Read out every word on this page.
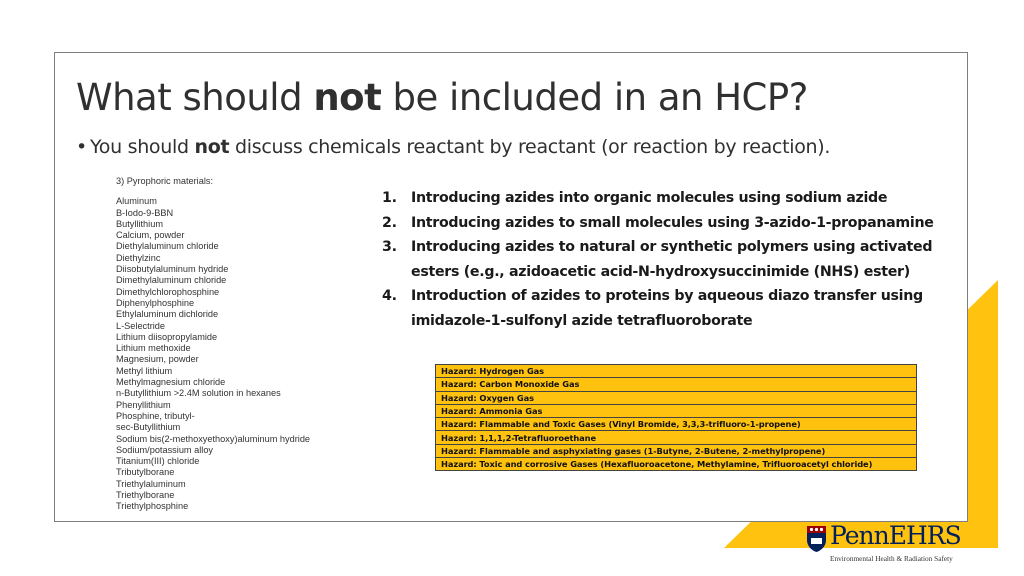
What should not be included in an HCP?
• You should not discuss chemicals reactant by reactant (or reaction by reaction).
3) Pyrophoric materials:
Aluminum
B-Iodo-9-BBN
Butyllithium
Calcium, powder
Diethylaluminum chloride
Diethylzinc
Diisobutylaluminum hydride
Dimethylaluminum chloride
Dimethylchlorophosphine
Diphenylphosphine
Ethylaluminum dichloride
L-Selectride
Lithium diisopropylamide
Lithium methoxide
Magnesium, powder
Methyl lithium
Methylmagnesium chloride
n-Butyllithium >2.4M solution in hexanes
Phenyllithium
Phosphine, tributyl-
sec-Butyllithium
Sodium bis(2-methoxyethoxy)aluminum hydride
Sodium/potassium alloy
Titanium(III) chloride
Tributylborane
Triethylaluminum
Triethylborane
Triethylphosphine
1. Introducing azides into organic molecules using sodium azide
2. Introducing azides to small molecules using 3-azido-1-propanamine
3. Introducing azides to natural or synthetic polymers using activated esters (e.g., azidoacetic acid-N-hydroxysuccinimide (NHS) ester)
4. Introduction of azides to proteins by aqueous diazo transfer using imidazole-1-sulfonyl azide tetrafluoroborate
Hazard: Hydrogen Gas
Hazard: Carbon Monoxide Gas
Hazard: Oxygen Gas
Hazard: Ammonia Gas
Hazard: Flammable and Toxic Gases (Vinyl Bromide, 3,3,3-trifluoro-1-propene)
Hazard: 1,1,1,2-Tetrafluoroethane
Hazard: Flammable and asphyxiating gases (1-Butyne, 2-Butene, 2-methylpropene)
Hazard: Toxic and corrosive Gases (Hexafluoroacetone, Methylamine, Trifluoroacetyl chloride)
PennEHRS
Environmental Health & Radiation Safety
